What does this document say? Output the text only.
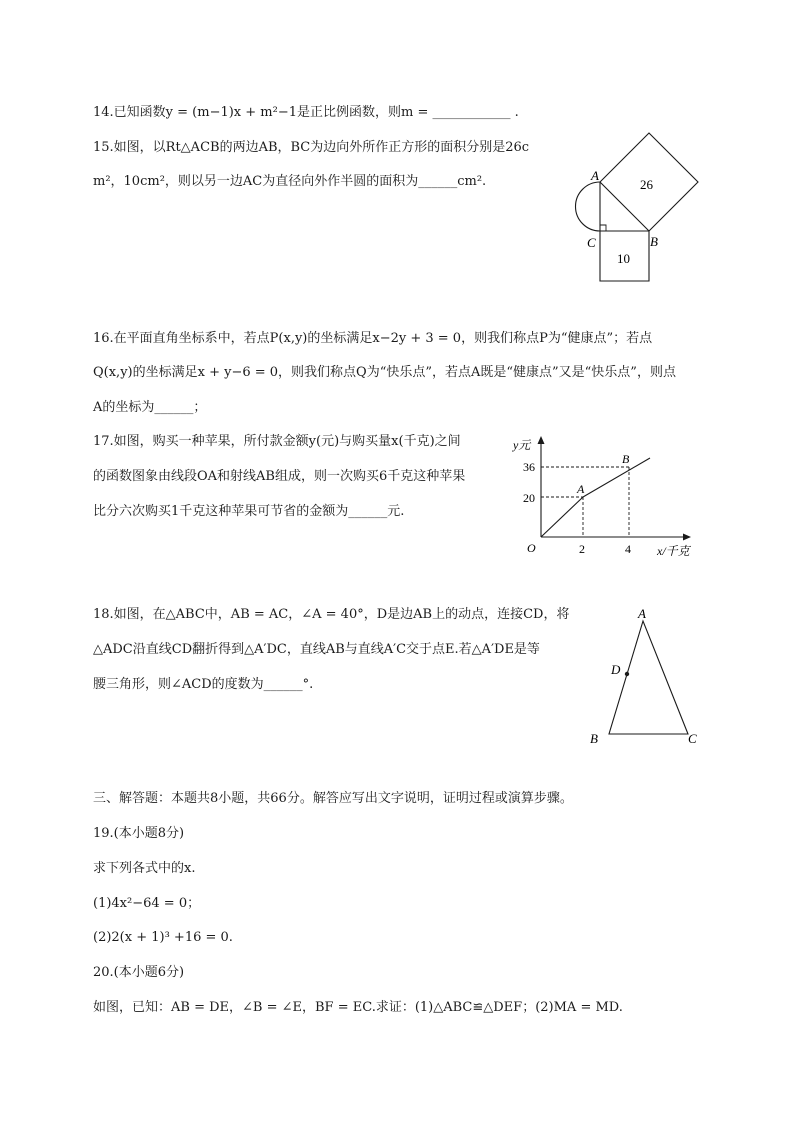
14.已知函数y = (m−1)x + m²−1是正比例函数，则m = ____________ .
15.如图，以Rt△ACB的两边AB，BC为边向外所作正方形的面积分别是26c
m²，10cm²，则以另一边AC为直径向外作半圆的面积为______cm².	A
C	B
26
10
16.在平面直角坐标系中，若点P(x,y)的坐标满足x−2y + 3 = 0，则我们称点P为“健康点”；若点
Q(x,y)的坐标满足x + y−6 = 0，则我们称点Q为“快乐点”，若点A既是“健康点”又是“快乐点”，则点
A的坐标为______；
17.如图，购买一种苹果，所付款金额y(元)与购买量x(千克)之间
的函数图象由线段OA和射线AB组成，则一次购买6千克这种苹果
比分六次购买1千克这种苹果可节省的金额为______元.
y元
x/千克
O
36
20
2	4
A
B
18.如图，在△ABC中，AB = AC，∠A = 40°，D是边AB上的动点，连接CD，将
△ADC沿直线CD翻折得到△A′DC，直线AB与直线A′C交于点E.若△A′DE是等
腰三角形，则∠ACD的度数为______°.
A
B	C
D
三、解答题：本题共8小题，共66分。解答应写出文字说明，证明过程或演算步骤。
19.(本小题8分)
求下列各式中的x.
(1)4x²−64 = 0；
(2)2(x + 1)³ +16 = 0.
20.(本小题6分)
如图，已知：AB = DE，∠B = ∠E，BF = EC.求证：(1)△ABC≌△DEF；(2)MA = MD.
